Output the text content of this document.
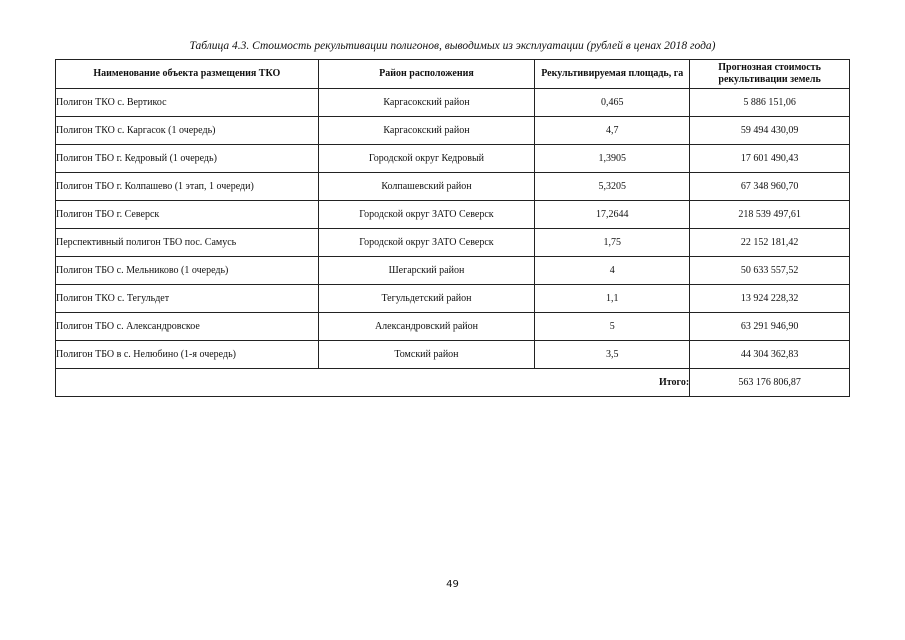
Таблица 4.3. Стоимость рекультивации полигонов, выводимых из эксплуатации (рублей в ценах 2018 года)
Наименование объекта размещения ТКО	Район расположения	Рекультивируемая площадь, га	Прогнозная стоимость рекультивации земель
Полигон ТКО с. Вертикос	Каргасокский район	0,465	5 886 151,06
Полигон ТКО с. Каргасок (1 очередь)	Каргасокский район	4,7	59 494 430,09
Полигон ТБО г. Кедровый (1 очередь)	Городской округ Кедровый	1,3905	17 601 490,43
Полигон ТБО г. Колпашево (1 этап, 1 очереди)	Колпашевский район	5,3205	67 348 960,70
Полигон ТБО г. Северск	Городской округ ЗАТО Северск	17,2644	218 539 497,61
Перспективный полигон ТБО пос. Самусь	Городской округ ЗАТО Северск	1,75	22 152 181,42
Полигон ТБО с. Мельниково (1 очередь)	Шегарский район	4	50 633 557,52
Полигон ТКО с. Тегульдет	Тегульдетский район	1,1	13 924 228,32
Полигон ТБО с. Александровское	Александровский район	5	63 291 946,90
Полигон ТБО в с. Нелюбино (1-я очередь)	Томский район	3,5	44 304 362,83
Итого:			563 176 806,87
49
